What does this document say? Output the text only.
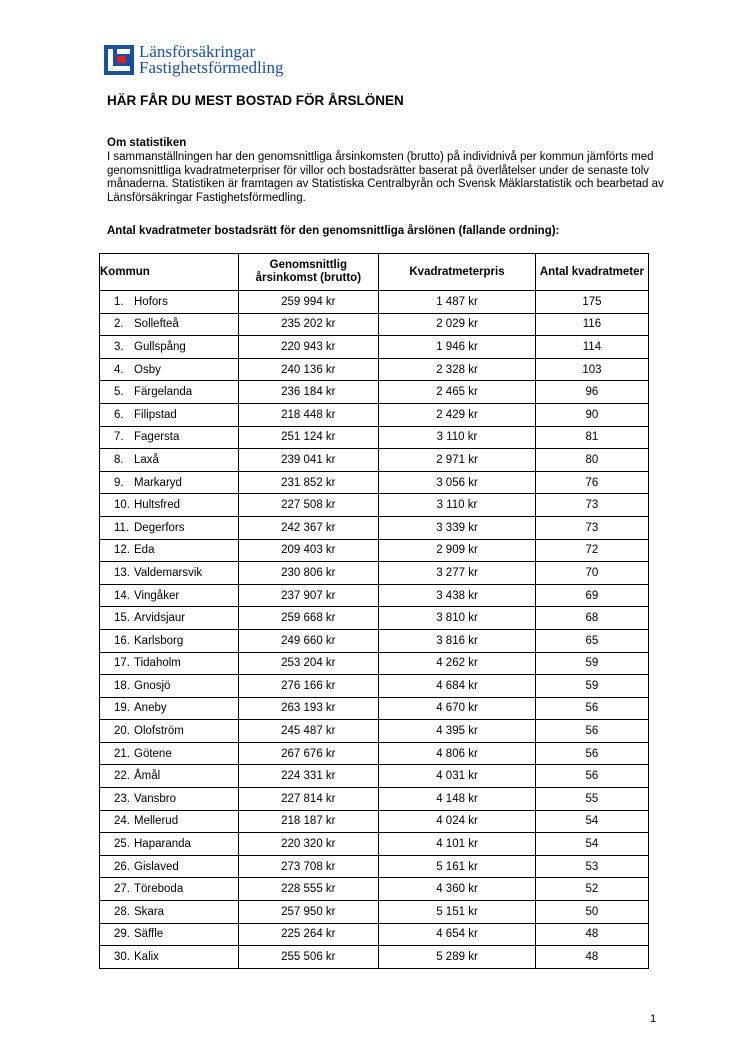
Länsförsäkringar
Fastighetsförmedling
HÄR FÅR DU MEST BOSTAD FÖR ÅRSLÖNEN
Om statistiken
I sammanställningen har den genomsnittliga årsinkomsten (brutto) på individnivå per kommun jämförts med genomsnittliga kvadratmeterpriser för villor och bostadsrätter baserat på överlåtelser under de senaste tolv månaderna. Statistiken är framtagen av Statistiska Centralbyrån och Svensk Mäklarstatistik och bearbetad av Länsförsäkringar Fastighetsförmedling.
Antal kvadratmeter bostadsrätt för den genomsnittliga årslönen (fallande ordning):
Kommun	Genomsnittlig årsinkomst (brutto)	Kvadratmeterpris	Antal kvadratmeter
1. Hofors	259 994 kr	1 487 kr	175
2. Sollefteå	235 202 kr	2 029 kr	116
3. Gullspång	220 943 kr	1 946 kr	114
4. Osby	240 136 kr	2 328 kr	103
5. Färgelanda	236 184 kr	2 465 kr	96
6. Filipstad	218 448 kr	2 429 kr	90
7. Fagersta	251 124 kr	3 110 kr	81
8. Laxå	239 041 kr	2 971 kr	80
9. Markaryd	231 852 kr	3 056 kr	76
10. Hultsfred	227 508 kr	3 110 kr	73
11. Degerfors	242 367 kr	3 339 kr	73
12. Eda	209 403 kr	2 909 kr	72
13. Valdemarsvik	230 806 kr	3 277 kr	70
14. Vingåker	237 907 kr	3 438 kr	69
15. Arvidsjaur	259 668 kr	3 810 kr	68
16. Karlsborg	249 660 kr	3 816 kr	65
17. Tidaholm	253 204 kr	4 262 kr	59
18. Gnosjö	276 166 kr	4 684 kr	59
19. Aneby	263 193 kr	4 670 kr	56
20. Olofström	245 487 kr	4 395 kr	56
21. Götene	267 676 kr	4 806 kr	56
22. Åmål	224 331 kr	4 031 kr	56
23. Vansbro	227 814 kr	4 148 kr	55
24. Mellerud	218 187 kr	4 024 kr	54
25. Haparanda	220 320 kr	4 101 kr	54
26. Gislaved	273 708 kr	5 161 kr	53
27. Töreboda	228 555 kr	4 360 kr	52
28. Skara	257 950 kr	5 151 kr	50
29. Säffle	225 264 kr	4 654 kr	48
30. Kalix	255 506 kr	5 289 kr	48
1
